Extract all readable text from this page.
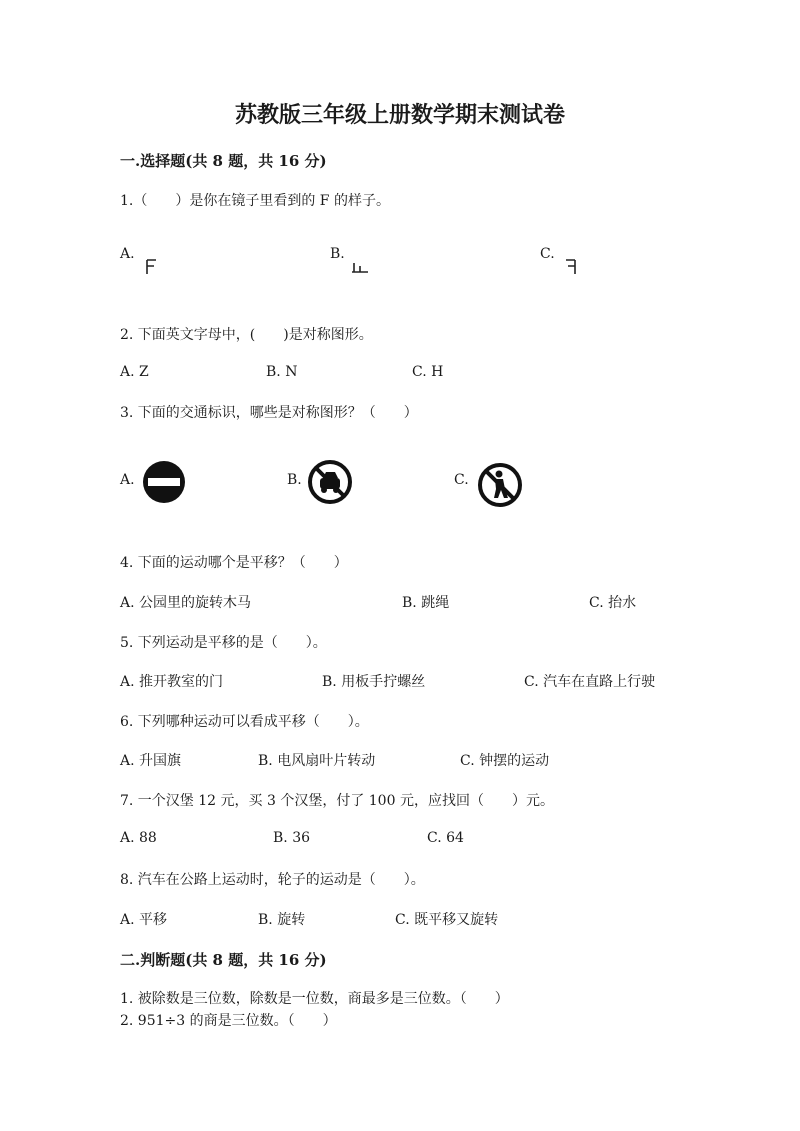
苏教版三年级上册数学期末测试卷
一.选择题(共 8 题，共 16 分)
1.（　　）是你在镜子里看到的 F 的样子。
A.	B.	C.
2. 下面英文字母中，(　　)是对称图形。
A. Z	B. N	C. H
3. 下面的交通标识，哪些是对称图形？（　　）
A.	B.	C.
4. 下面的运动哪个是平移？（　　）
A. 公园里的旋转木马	B. 跳绳	C. 抬水
5. 下列运动是平移的是（　　）。
A. 推开教室的门	B. 用板手拧螺丝	C. 汽车在直路上行驶
6. 下列哪种运动可以看成平移（　　）。
A. 升国旗	B. 电风扇叶片转动	C. 钟摆的运动
7. 一个汉堡 12 元，买 3 个汉堡，付了 100 元，应找回（　　）元。
A. 88	B. 36	C. 64
8. 汽车在公路上运动时，轮子的运动是（　　）。
A. 平移	B. 旋转	C. 既平移又旋转
二.判断题(共 8 题，共 16 分)
1. 被除数是三位数，除数是一位数，商最多是三位数。（　　）
2. 951÷3 的商是三位数。（　　）
